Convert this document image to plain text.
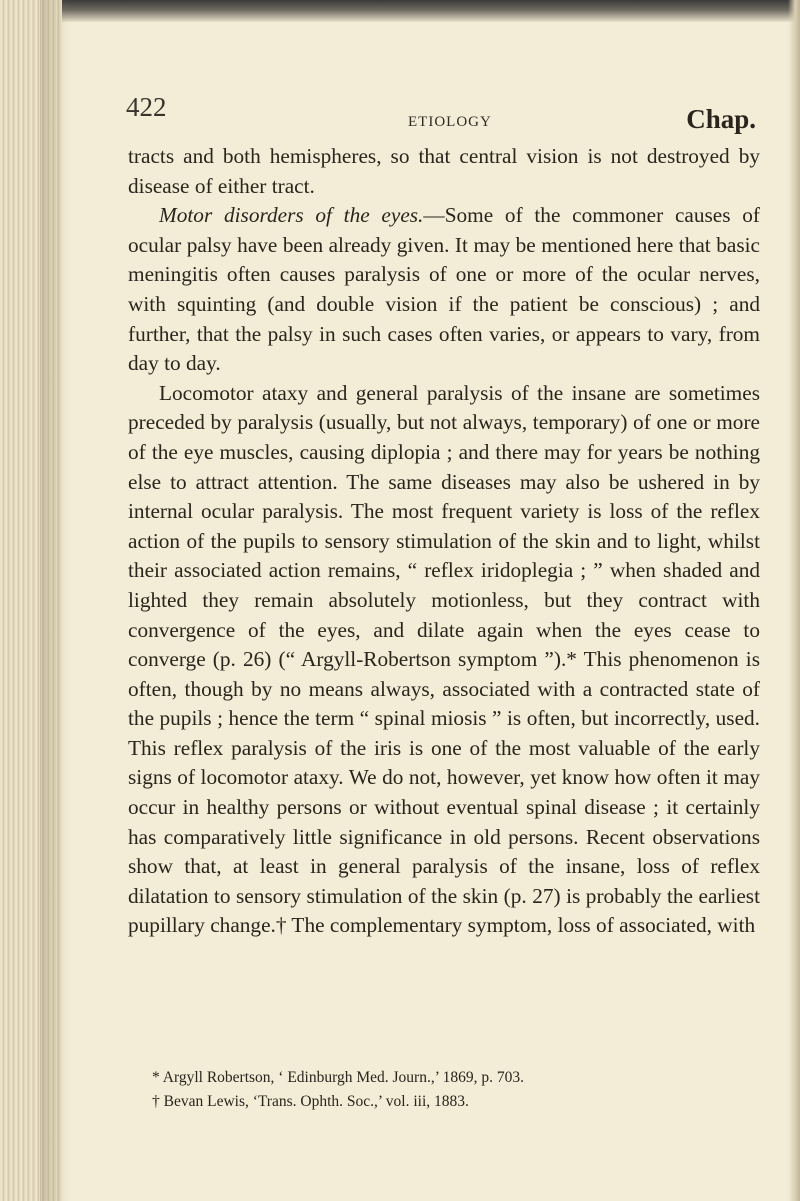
422	ETIOLOGY	Chap.

tracts and both hemispheres, so that central vision is not destroyed by disease of either tract.

Motor disorders of the eyes.—Some of the commoner causes of ocular palsy have been already given. It may be mentioned here that basic meningitis often causes paralysis of one or more of the ocular nerves, with squinting (and double vision if the patient be conscious) ; and further, that the palsy in such cases often varies, or appears to vary, from day to day.

Locomotor ataxy and general paralysis of the insane are sometimes preceded by paralysis (usually, but not always, temporary) of one or more of the eye muscles, causing diplopia ; and there may for years be nothing else to attract attention. The same diseases may also be ushered in by internal ocular paralysis. The most frequent variety is loss of the reflex action of the pupils to sensory stimulation of the skin and to light, whilst their associated action remains, “ reflex iridoplegia ; ” when shaded and lighted they remain absolutely motionless, but they contract with convergence of the eyes, and dilate again when the eyes cease to converge (p. 26) (“ Argyll-Robertson symptom ”).* This phenomenon is often, though by no means always, associated with a contracted state of the pupils ; hence the term “ spinal miosis ” is often, but incorrectly, used. This reflex paralysis of the iris is one of the most valuable of the early signs of locomotor ataxy. We do not, however, yet know how often it may occur in healthy persons or without eventual spinal disease ; it certainly has comparatively little significance in old persons. Recent observations show that, at least in general paralysis of the insane, loss of reflex dilatation to sensory stimulation of the skin (p. 27) is probably the earliest pupillary change.† The complementary symptom, loss of associated, with

* Argyll Robertson, ‘ Edinburgh Med. Journ.,’ 1869, p. 703.
† Bevan Lewis, ‘Trans. Ophth. Soc.,’ vol. iii, 1883.
